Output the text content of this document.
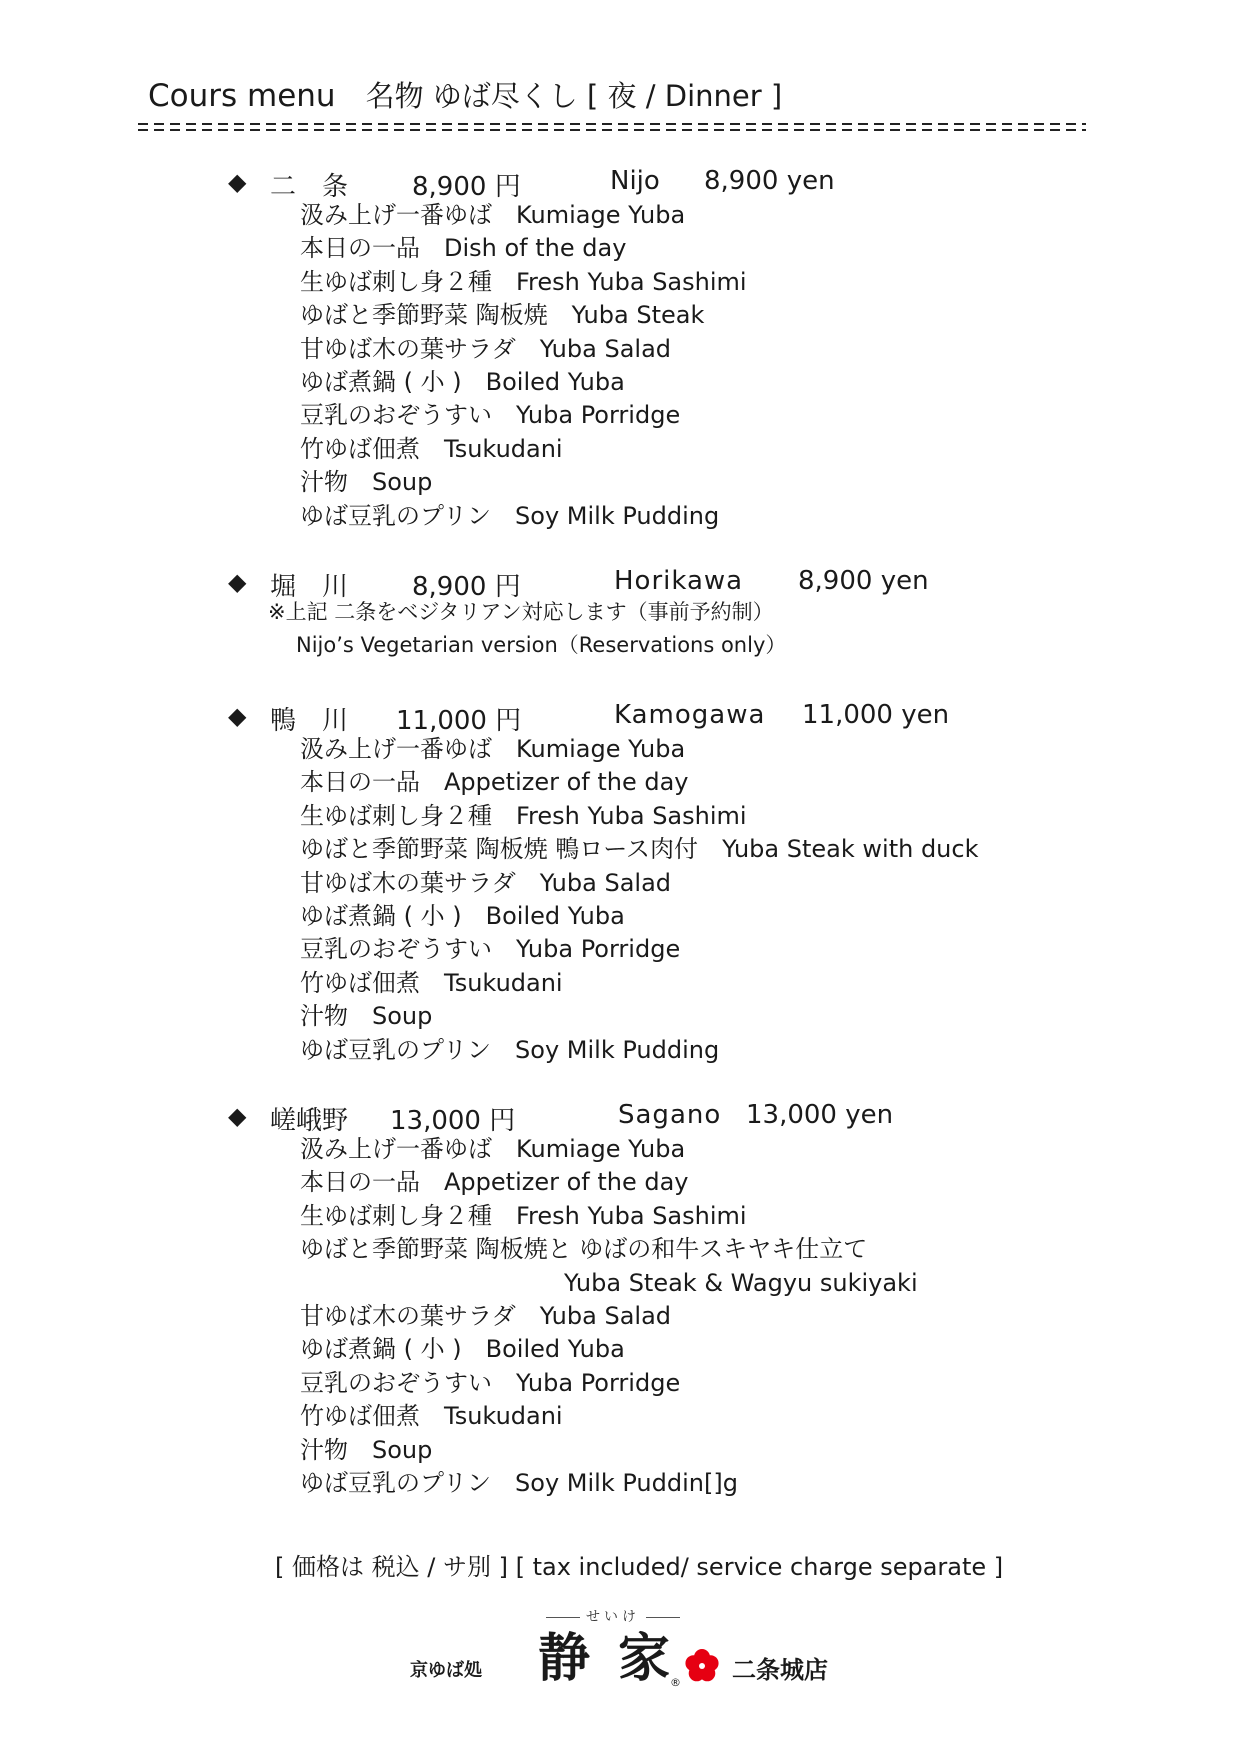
Cours menu 名物 ゆば尽くし [ 夜 / Dinner ]
◆ 二　条 8,900 円	Nijo 8,900 yen
汲み上げ一番ゆば Kumiage Yuba
本日の一品 Dish of the day
生ゆば刺し身２種 Fresh Yuba Sashimi
ゆばと季節野菜 陶板焼 Yuba Steak
甘ゆば木の葉サラダ Yuba Salad
ゆば煮鍋 ( 小 ) Boiled Yuba
豆乳のおぞうすい Yuba Porridge
竹ゆば佃煮 Tsukudani
汁物 Soup
ゆば豆乳のプリン Soy Milk Pudding
◆ 堀　川 8,900 円	Horikawa 8,900 yen
※上記 二条をベジタリアン対応します（事前予約制）
Nijo’s Vegetarian version（Reservations only）
◆ 鴨　川 11,000 円	Kamogawa 11,000 yen
汲み上げ一番ゆば Kumiage Yuba
本日の一品 Appetizer of the day
生ゆば刺し身２種 Fresh Yuba Sashimi
ゆばと季節野菜 陶板焼 鴨ロース肉付 Yuba Steak with duck
甘ゆば木の葉サラダ Yuba Salad
ゆば煮鍋 ( 小 ) Boiled Yuba
豆乳のおぞうすい Yuba Porridge
竹ゆば佃煮 Tsukudani
汁物 Soup
ゆば豆乳のプリン Soy Milk Pudding
◆ 嵯峨野 13,000 円	Sagano 13,000 yen
汲み上げ一番ゆば Kumiage Yuba
本日の一品 Appetizer of the day
生ゆば刺し身２種 Fresh Yuba Sashimi
ゆばと季節野菜 陶板焼と ゆばの和牛スキヤキ仕立て
Yuba Steak & Wagyu sukiyaki
甘ゆば木の葉サラダ Yuba Salad
ゆば煮鍋 ( 小 ) Boiled Yuba
豆乳のおぞうすい Yuba Porridge
竹ゆば佃煮 Tsukudani
汁物 Soup
ゆば豆乳のプリン Soy Milk Puddin[]g
[ 価格は 税込 / サ別 ] [ tax included/ service charge separate ]
せいけ
京ゆば処 静 家 ® 二条城店
